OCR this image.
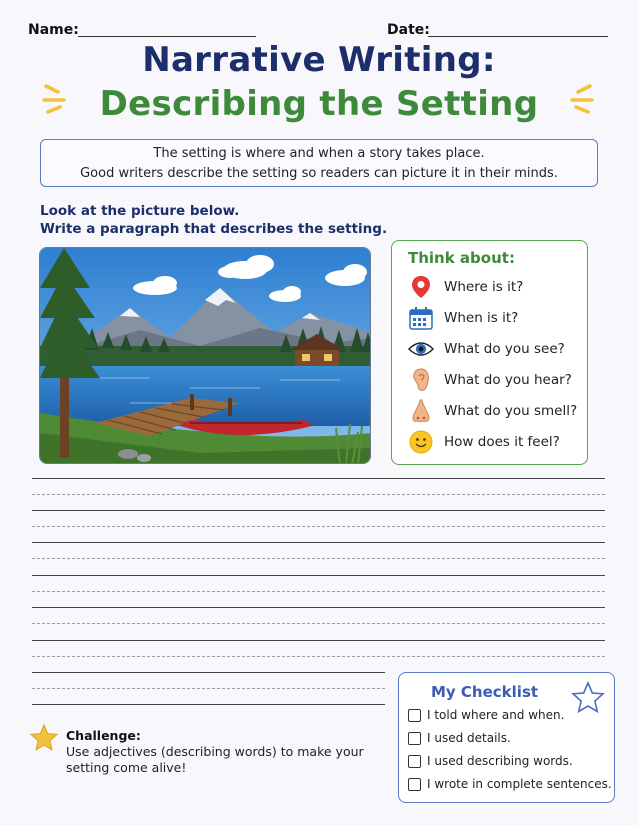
Name:	Date:
Narrative Writing:
Describing the Setting
The setting is where and when a story takes place.
Good writers describe the setting so readers can picture it in their minds.
Look at the picture below.
Write a paragraph that describes the setting.
Think about:
Where is it?
When is it?
What do you see?
What do you hear?
What do you smell?
How does it feel?
Challenge:
Use adjectives (describing words) to make your setting come alive!
My Checklist
I told where and when.
I used details.
I used describing words.
I wrote in complete sentences.
